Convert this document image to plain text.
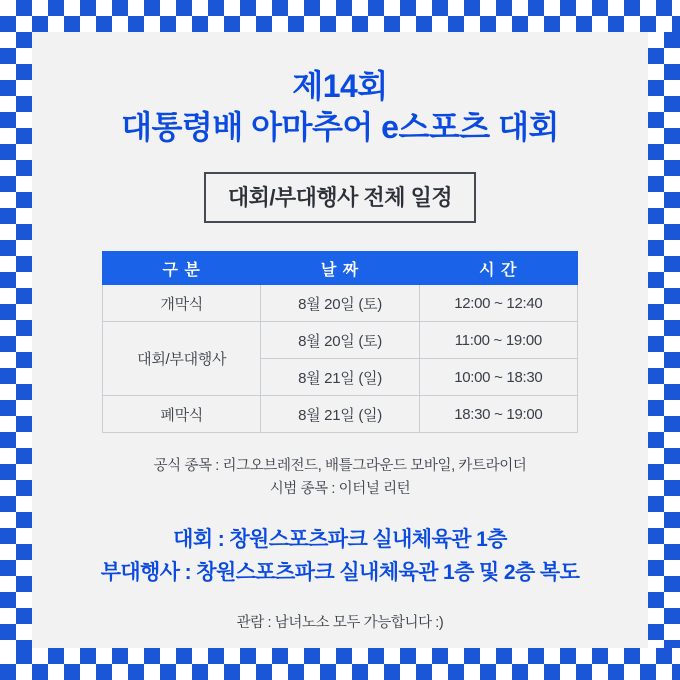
제14회
대통령배 아마추어 e스포츠 대회
대회/부대행사 전체 일정
구 분	날 짜	시 간
개막식	8월 20일 (토)	12:00 ~ 12:40
대회/부대행사	8월 20일 (토)	11:00 ~ 19:00
	8월 21일 (일)	10:00 ~ 18:30
폐막식	8월 21일 (일)	18:30 ~ 19:00
공식 종목 : 리그오브레전드, 배틀그라운드 모바일, 카트라이더
시범 종목 : 이터널 리턴
대회 : 창원스포츠파크 실내체육관 1층
부대행사 : 창원스포츠파크 실내체육관 1층 및 2층 복도
관람 : 남녀노소 모두 가능합니다 :)
